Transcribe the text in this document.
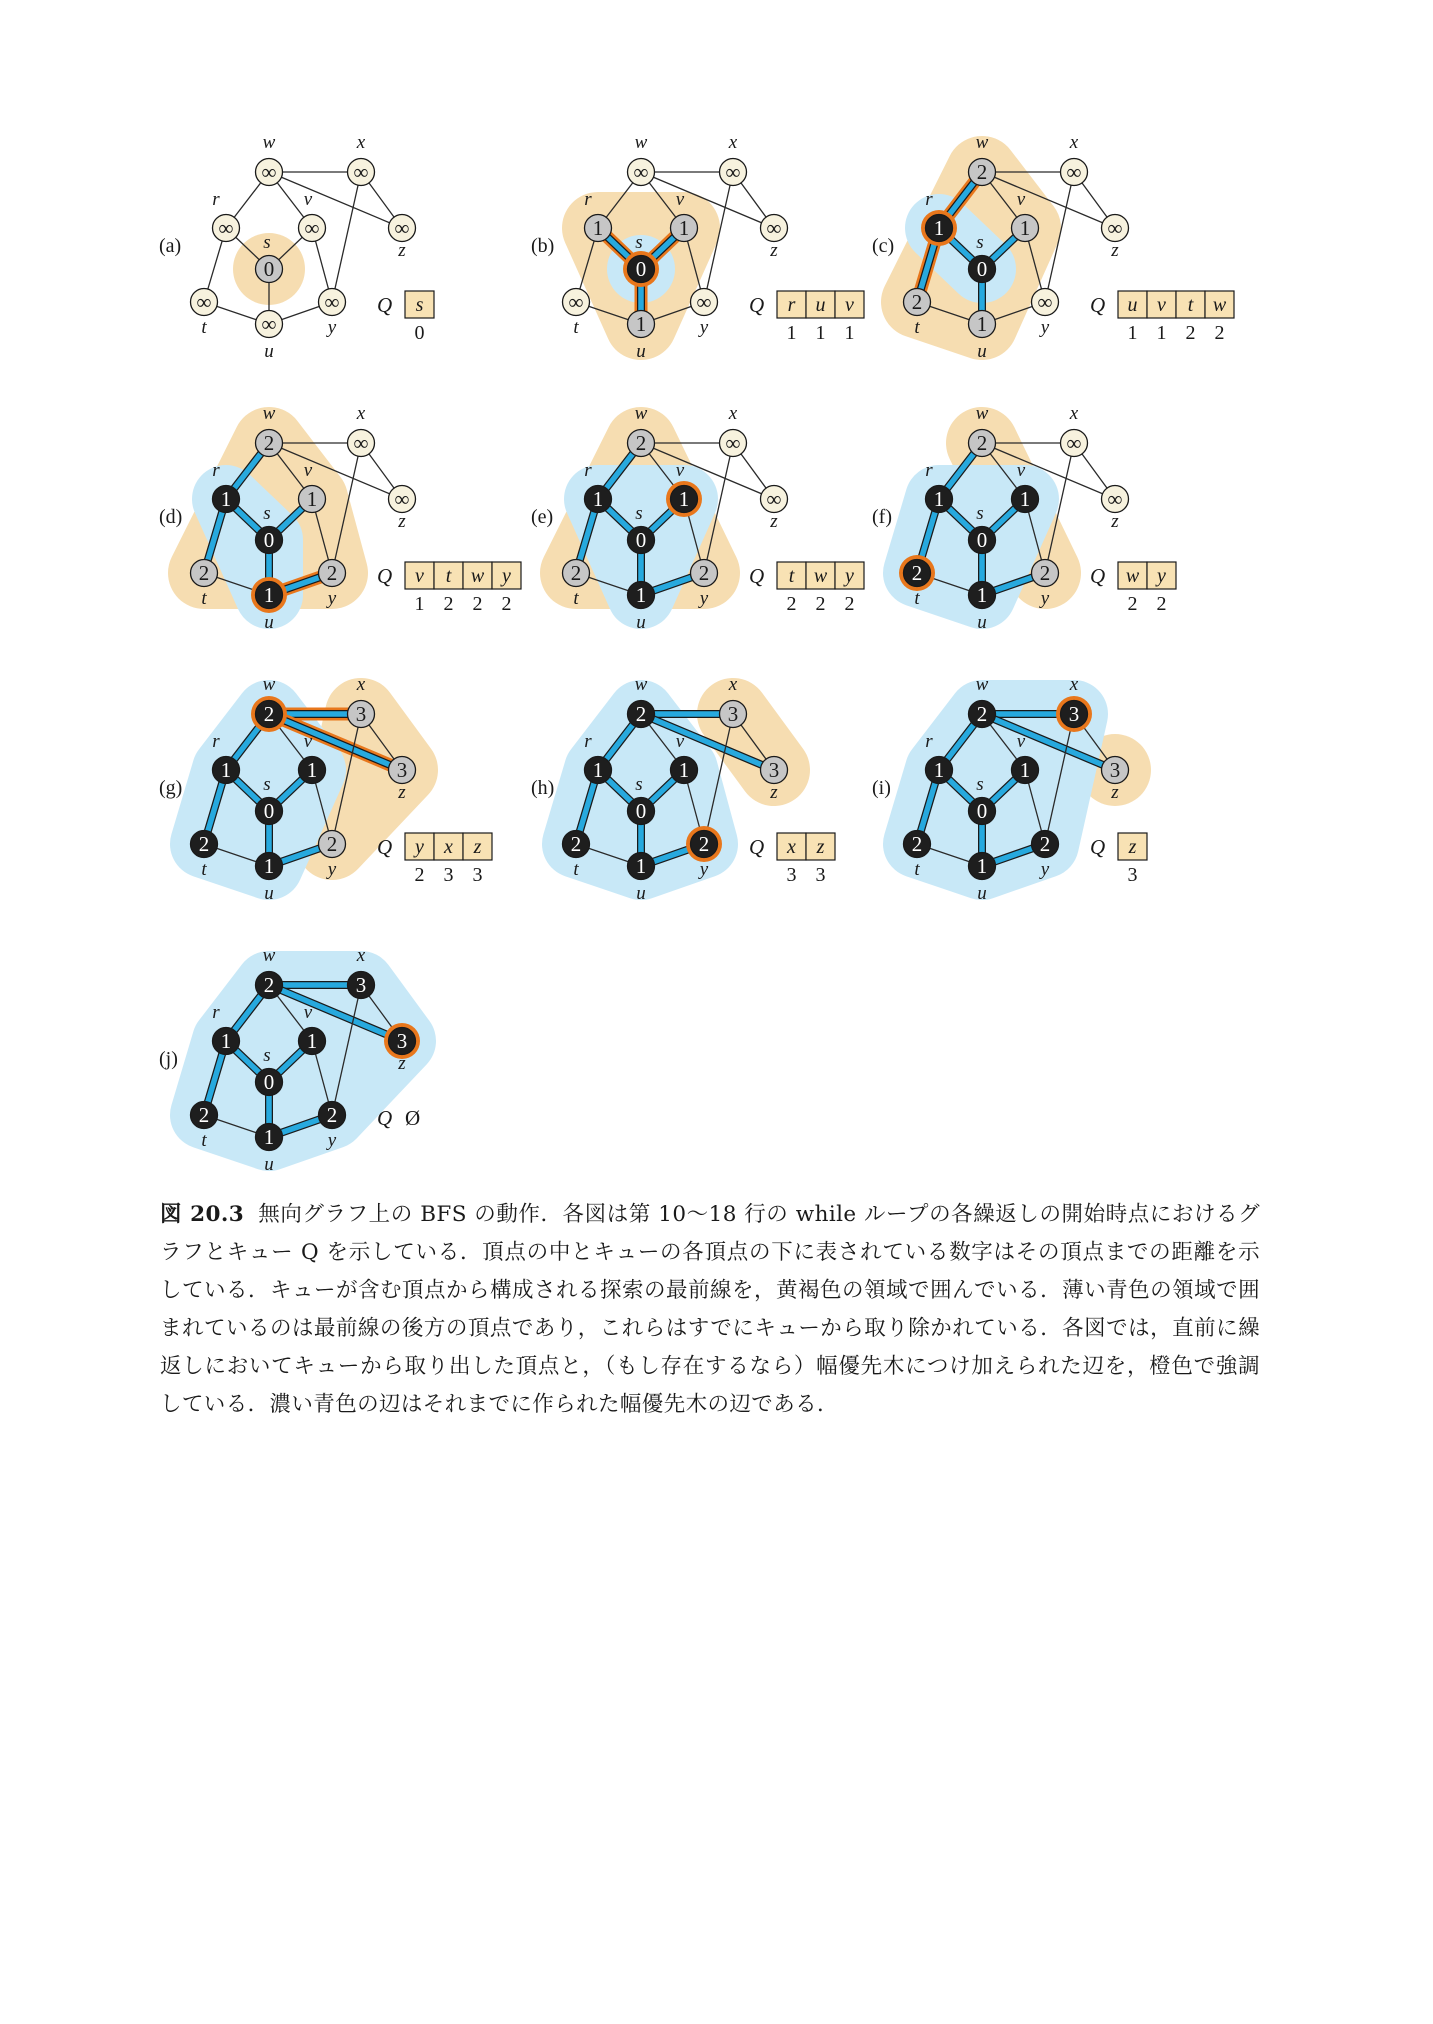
∞
w
∞
x
∞
r
∞
v
∞
z
0
s
∞
t	∞
u
∞
y
(a)
Q s
0
∞
w
∞
x
1
r
1
v
∞
z
0
s
∞
t	1
u
∞
y
(b)
Q r
1
u
1
v
1
2
w
∞
x
1
r
1
v
∞
z
0
s
2
t	1
u
∞
y
(c)
Q u
1
v
1
t
2
w
2
2
w
∞
x
1
r
1
v
∞
z
0
s
2
t	1
u
2
y
(d)
Q v
1
t
2
w
2
y
2
2
w
∞
x
1
r
1
v
∞
z
0
s
2
t	1
u
2
y
(e)
Q t
2
w
2
y
2
2
w
∞
x
1
r
1
v
∞
z
0
s
2
t	1
u
2
y
(f)
Q w
2
y
2
2
w
3
x
1
r
1
v
3
z
0
s
2
t	1
u
2
y
(g)
Q y
2
x
3
z
3
2
w
3
x
1
r
1
v
3
z
0
s
2
t	1
u
2
y
(h)
Q x
3
z
3
2
w
3
x
1
r
1
v
3
z
0
s
2
t	1
u
2
y
(i)
Q z
3
2
w
3
x
1
r
1
v
3
z
0
s
2
t	1
u
2
y
(j)
Q Ø
図 20.3 無向グラフ上の BFS の動作．各図は第 10〜18 行の while ループの各繰返しの開始時点におけるグラフとキュー Q を示している．頂点の中とキューの各頂点の下に表されている数字はその頂点までの距離を示している．キューが含む頂点から構成される探索の最前線を，黄褐色の領域で囲んでいる．薄い青色の領域で囲まれているのは最前線の後方の頂点であり，これらはすでにキューから取り除かれている．各図では，直前に繰返しにおいてキューから取り出した頂点と，（もし存在するなら）幅優先木につけ加えられた辺を，橙色で強調している．濃い青色の辺はそれまでに作られた幅優先木の辺である．
